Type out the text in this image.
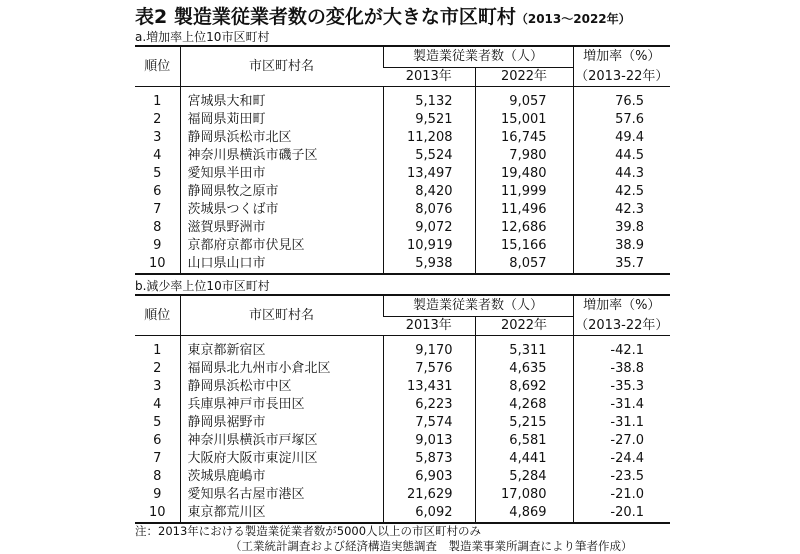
表2 製造業従業者数の変化が大きな市区町村（2013〜2022年）
a.増加率上位10市区町村
順位	市区町村名	製造業従業者数（人）		増加率（%）
		2013年	2022年	（2013-22年）
1	宮城県大和町	5,132	9,057	76.5
2	福岡県苅田町	9,521	15,001	57.6
3	静岡県浜松市北区	11,208	16,745	49.4
4	神奈川県横浜市磯子区	5,524	7,980	44.5
5	愛知県半田市	13,497	19,480	44.3
6	静岡県牧之原市	8,420	11,999	42.5
7	茨城県つくば市	8,076	11,496	42.3
8	滋賀県野洲市	9,072	12,686	39.8
9	京都府京都市伏見区	10,919	15,166	38.9
10	山口県山口市	5,938	8,057	35.7
b.減少率上位10市区町村
順位	市区町村名	製造業従業者数（人）		増加率（%）
		2013年	2022年	（2013-22年）
1	東京都新宿区	9,170	5,311	-42.1
2	福岡県北九州市小倉北区	7,576	4,635	-38.8
3	静岡県浜松市中区	13,431	8,692	-35.3
4	兵庫県神戸市長田区	6,223	4,268	-31.4
5	静岡県裾野市	7,574	5,215	-31.1
6	神奈川県横浜市戸塚区	9,013	6,581	-27.0
7	大阪府大阪市東淀川区	5,873	4,441	-24.4
8	茨城県鹿嶋市	6,903	5,284	-23.5
9	愛知県名古屋市港区	21,629	17,080	-21.0
10	東京都荒川区	6,092	4,869	-20.1
注：2013年における製造業従業者数が5000人以上の市区町村のみ
（工業統計調査および経済構造実態調査　製造業事業所調査により筆者作成）
